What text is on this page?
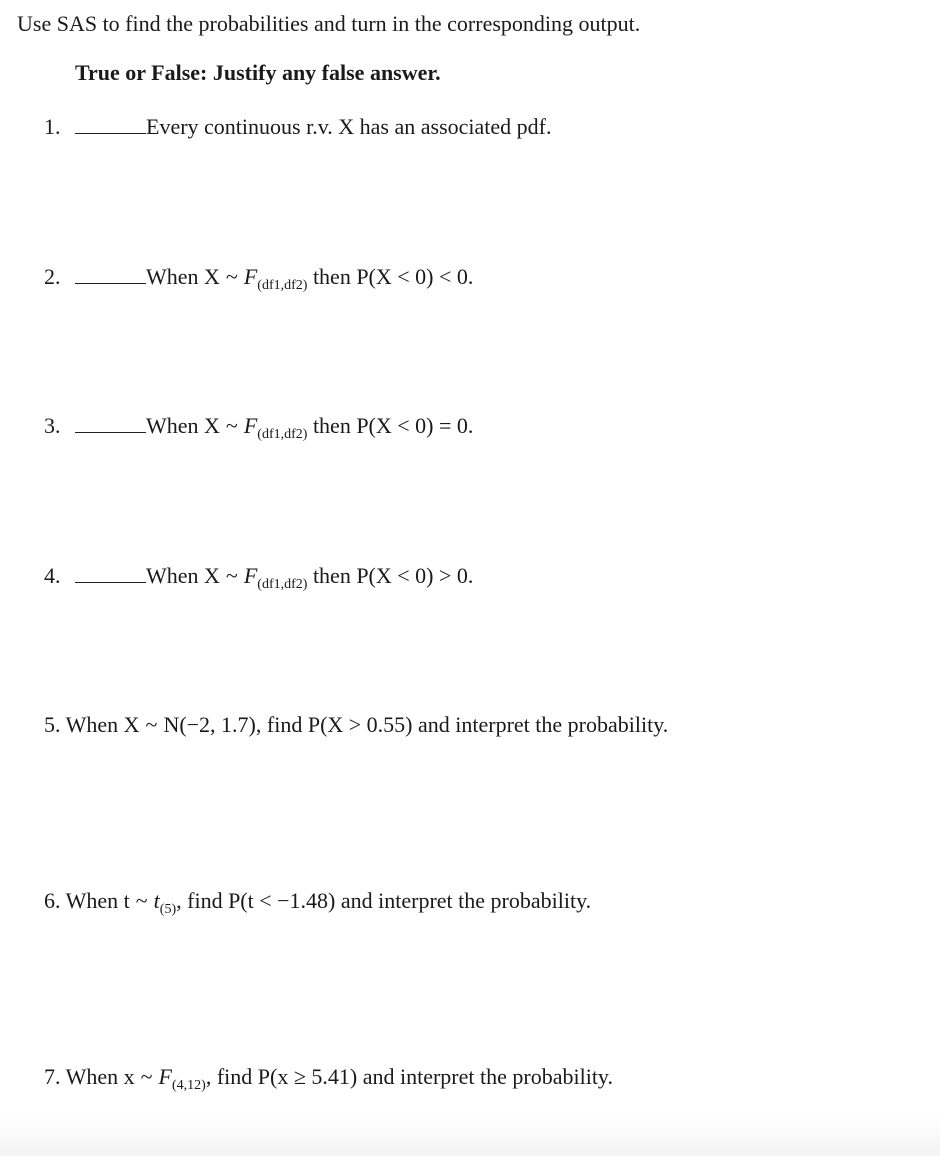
Use SAS to find the probabilities and turn in the corresponding output.
True or False: Justify any false answer.
1.	Every continuous r.v. X has an associated pdf.
2.	When X ~ $F_{(df1,df2)}$ then P(X < 0) < 0.
3.	When X ~ $F_{(df1,df2)}$ then P(X < 0) = 0.
4.	When X ~ $F_{(df1,df2)}$ then P(X < 0) > 0.
5. When X ~ N(−2, 1.7), find P(X > 0.55) and interpret the probability.
6. When t ~ $t_{(5)}$, find P(t < −1.48) and interpret the probability.
7. When x ~ $F_{(4,12)}$, find P(x ≥ 5.41) and interpret the probability.
